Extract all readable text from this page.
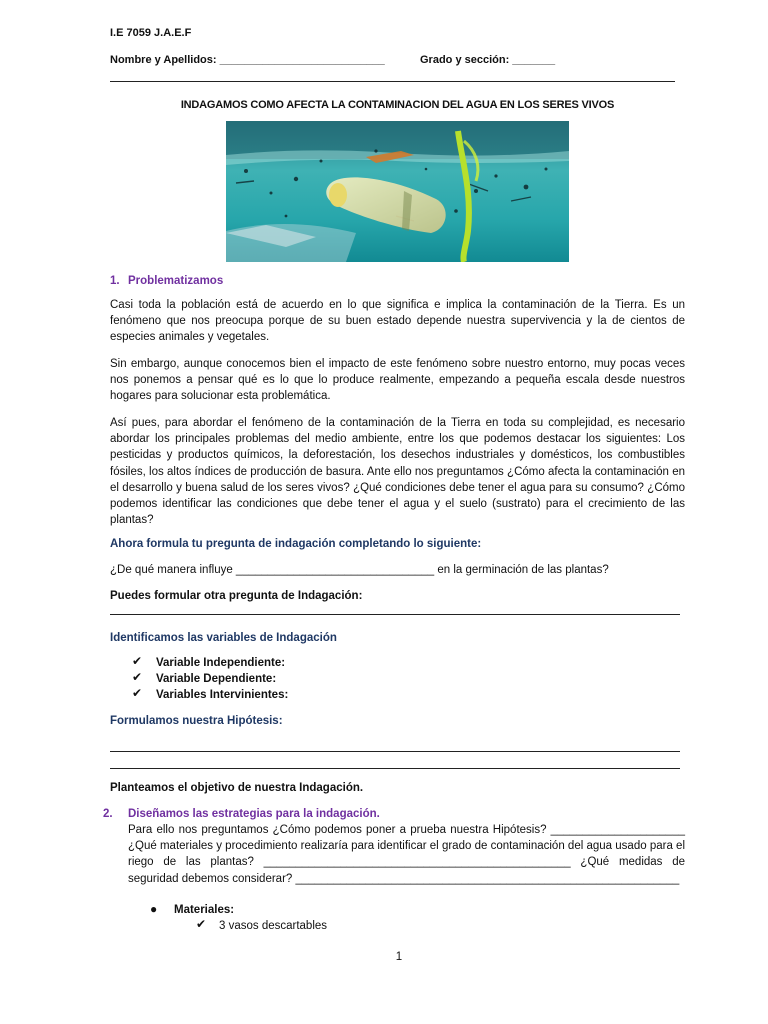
I.E 7059 J.A.E.F
Nombre y Apellidos: ___________________________	Grado y sección: _______
INDAGAMOS COMO AFECTA LA CONTAMINACION DEL AGUA EN LOS SERES VIVOS
1. Problematizamos
Casi toda la población está de acuerdo en lo que significa e implica la contaminación de la Tierra. Es un fenómeno que nos preocupa porque de su buen estado depende nuestra supervivencia y la de cientos de especies animales y vegetales.
Sin embargo, aunque conocemos bien el impacto de este fenómeno sobre nuestro entorno, muy pocas veces nos ponemos a pensar qué es lo que lo produce realmente, empezando a pequeña escala desde nuestros hogares para solucionar esta problemática.
Así pues, para abordar el fenómeno de la contaminación de la Tierra en toda su complejidad, es necesario abordar los principales problemas del medio ambiente, entre los que podemos destacar los siguientes: Los pesticidas y productos químicos, la deforestación, los desechos industriales y domésticos, los combustibles fósiles, los altos índices de producción de basura. Ante ello nos preguntamos ¿Cómo afecta la contaminación en el desarrollo y buena salud de los seres vivos? ¿Qué condiciones debe tener el agua para su consumo? ¿Cómo podemos identificar las condiciones que debe tener el agua y el suelo (sustrato) para el crecimiento de las plantas?
Ahora formula tu pregunta de indagación completando lo siguiente:
¿De qué manera influye _______________________________ en la germinación de las plantas?
Puedes formular otra pregunta de Indagación:
Identificamos las variables de Indagación
✔ Variable Independiente:
✔ Variable Dependiente:
✔ Variables Intervinientes:
Formulamos nuestra Hipótesis:
Planteamos el objetivo de nuestra Indagación.
2. Diseñamos las estrategias para la indagación.
Para ello nos preguntamos ¿Cómo podemos poner a prueba nuestra Hipótesis? _____________________ ¿Qué materiales y procedimiento realizaría para identificar el grado de contaminación del agua usado para el riego de las plantas? ________________________________________________ ¿Qué medidas de seguridad debemos considerar? ____________________________________________________________
● Materiales:
✔ 3 vasos descartables
1
